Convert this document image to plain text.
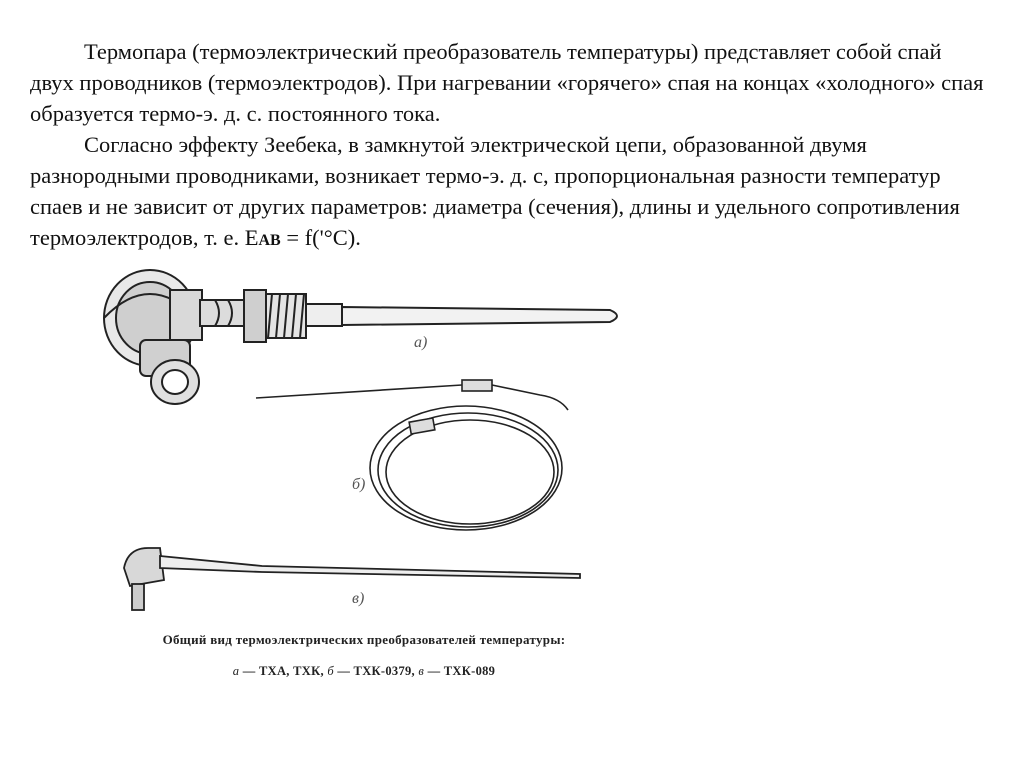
Термопара (термоэлектрический преобразователь температуры) представляет собой спай двух проводников (термоэлектродов). При нагревании «горячего» спая на концах «холодного» спая образуется термо-э. д. с. постоянного тока.

Согласно эффекту Зеебека, в замкнутой электрической цепи, образованной двумя разнородными проводниками, возникает термо-э. д. с, пропорциональная разности температур спаев и не зависит от других параметров: диаметра (сечения), длины и удельного сопротивления термоэлектродов, т. е. EAB = f('°C).

а)
б)
в)
Общий вид термоэлектрических преобразователей температуры:
а — ТХА, ТХК, б — ТХК-0379, в — ТХК-089
